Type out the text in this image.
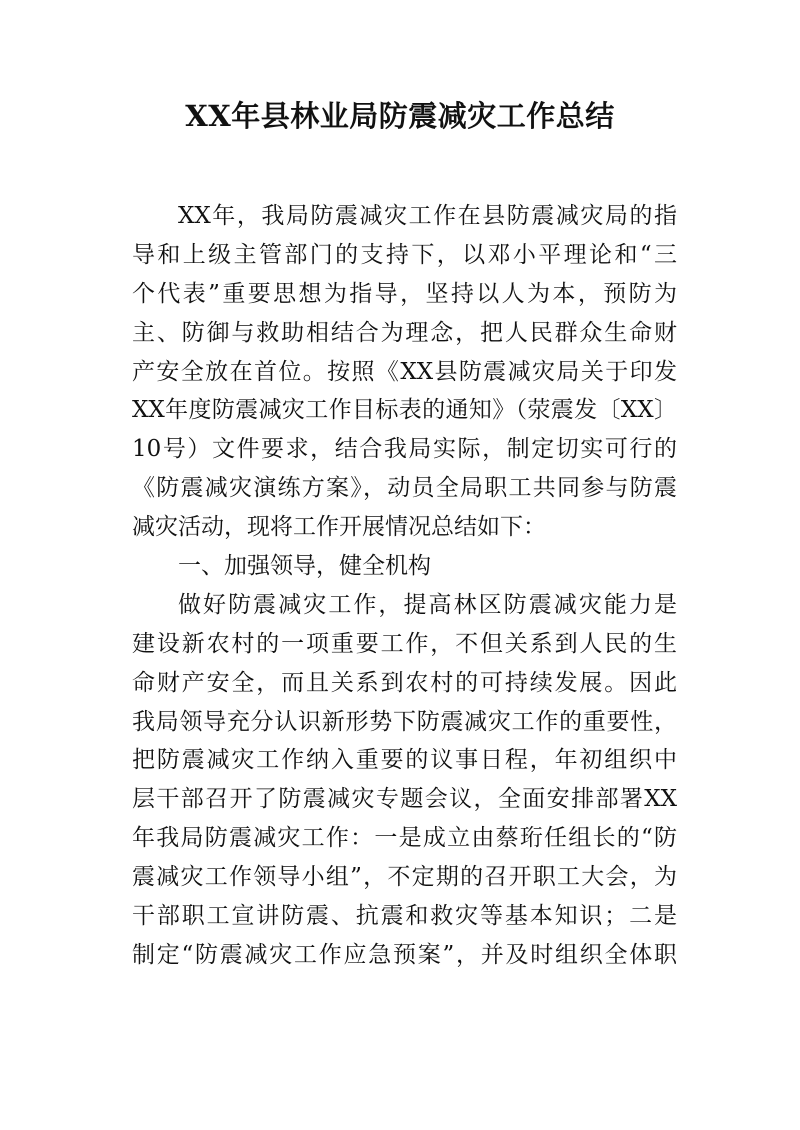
XX年县林业局防震减灾工作总结
XX年，我局防震减灾工作在县防震减灾局的指
导和上级主管部门的支持下，以邓小平理论和“三
个代表”重要思想为指导，坚持以人为本，预防为
主、防御与救助相结合为理念，把人民群众生命财
产安全放在首位。按照《XX县防震减灾局关于印发
XX年度防震减灾工作目标表的通知》（荥震发〔XX〕
10号）文件要求，结合我局实际，制定切实可行的
《防震减灾演练方案》，动员全局职工共同参与防震
减灾活动，现将工作开展情况总结如下：
一、加强领导，健全机构
做好防震减灾工作，提高林区防震减灾能力是
建设新农村的一项重要工作，不但关系到人民的生
命财产安全，而且关系到农村的可持续发展。因此
我局领导充分认识新形势下防震减灾工作的重要性，
把防震减灾工作纳入重要的议事日程，年初组织中
层干部召开了防震减灾专题会议，全面安排部署XX
年我局防震减灾工作：一是成立由蔡珩任组长的“防
震减灾工作领导小组”，不定期的召开职工大会，为
干部职工宣讲防震、抗震和救灾等基本知识；二是
制定“防震减灾工作应急预案”，并及时组织全体职
